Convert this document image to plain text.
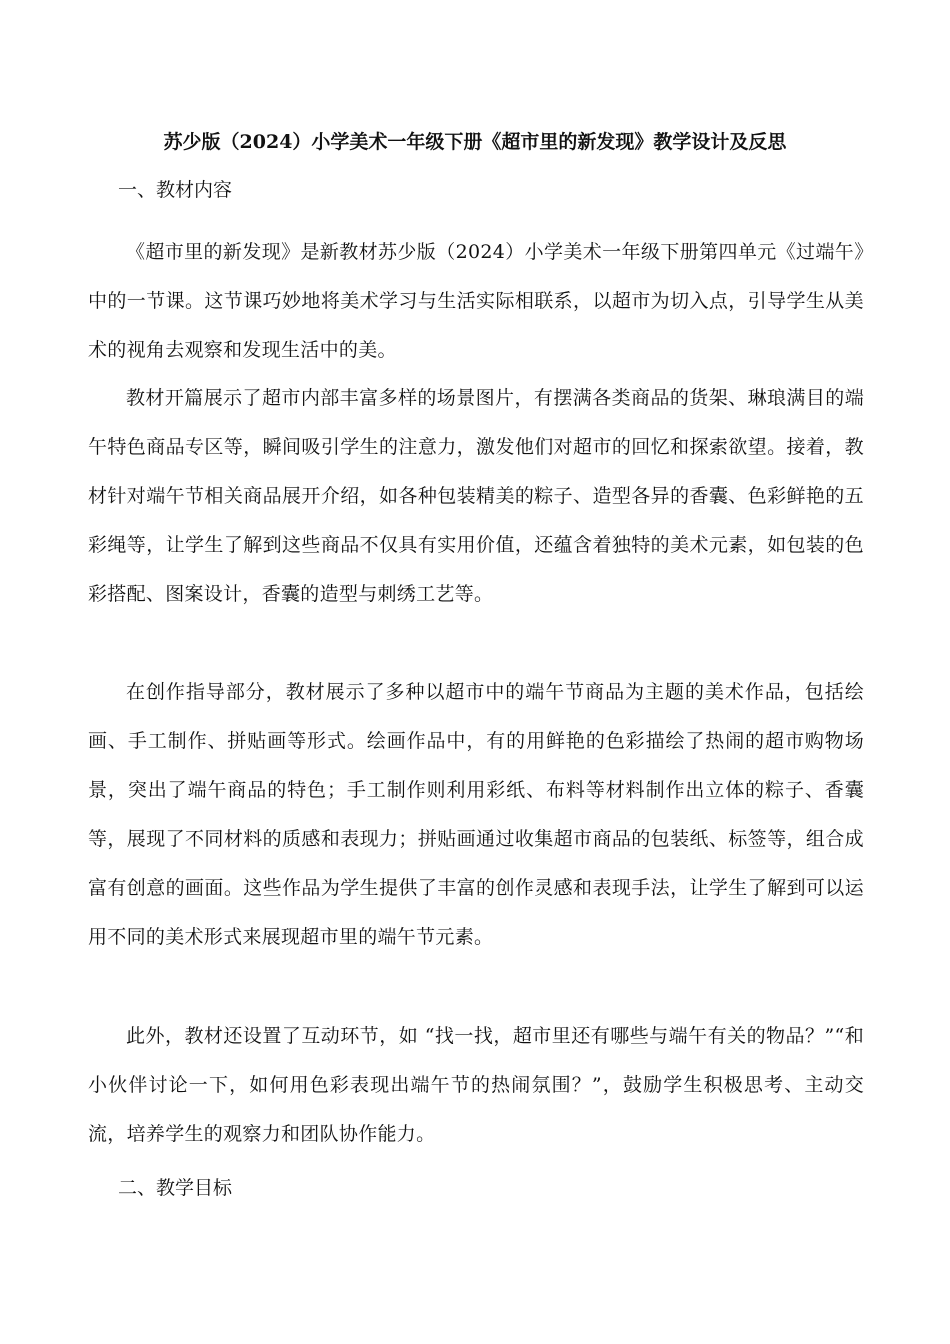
苏少版（2024）小学美术一年级下册《超市里的新发现》教学设计及反思
一、教材内容

《超市里的新发现》是新教材苏少版（2024）小学美术一年级下册第四单元《过端午》中的一节课。这节课巧妙地将美术学习与生活实际相联系，以超市为切入点，引导学生从美术的视角去观察和发现生活中的美。

教材开篇展示了超市内部丰富多样的场景图片，有摆满各类商品的货架、琳琅满目的端午特色商品专区等，瞬间吸引学生的注意力，激发他们对超市的回忆和探索欲望。接着，教材针对端午节相关商品展开介绍，如各种包装精美的粽子、造型各异的香囊、色彩鲜艳的五彩绳等，让学生了解到这些商品不仅具有实用价值，还蕴含着独特的美术元素，如包装的色彩搭配、图案设计，香囊的造型与刺绣工艺等。

在创作指导部分，教材展示了多种以超市中的端午节商品为主题的美术作品，包括绘画、手工制作、拼贴画等形式。绘画作品中，有的用鲜艳的色彩描绘了热闹的超市购物场景，突出了端午商品的特色；手工制作则利用彩纸、布料等材料制作出立体的粽子、香囊等，展现了不同材料的质感和表现力；拼贴画通过收集超市商品的包装纸、标签等，组合成富有创意的画面。这些作品为学生提供了丰富的创作灵感和表现手法，让学生了解到可以运用不同的美术形式来展现超市里的端午节元素。

此外，教材还设置了互动环节，如 “找一找，超市里还有哪些与端午有关的物品？”“和小伙伴讨论一下，如何用色彩表现出端午节的热闹氛围？”，鼓励学生积极思考、主动交流，培养学生的观察力和团队协作能力。

二、教学目标
